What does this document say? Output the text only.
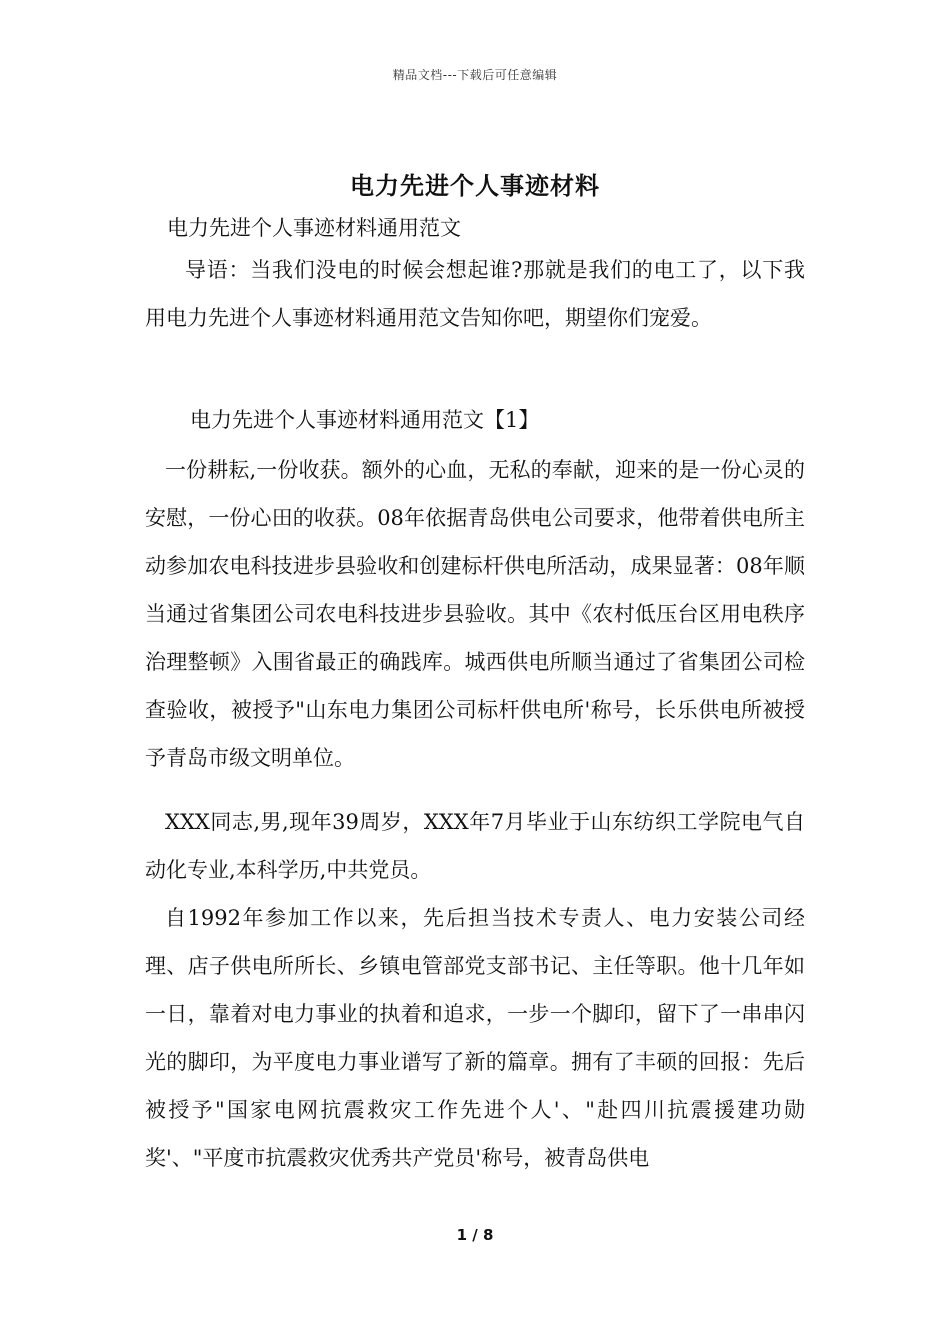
精品文档---下载后可任意编辑
电力先进个人事迹材料

电力先进个人事迹材料通用范文

导语：当我们没电的时候会想起谁?那就是我们的电工了，以下我用电力先进个人事迹材料通用范文告知你吧，期望你们宠爱。

电力先进个人事迹材料通用范文【1】

一份耕耘,一份收获。额外的心血，无私的奉献，迎来的是一份心灵的安慰，一份心田的收获。08年依据青岛供电公司要求，他带着供电所主动参加农电科技进步县验收和创建标杆供电所活动，成果显著：08年顺当通过省集团公司农电科技进步县验收。其中《农村低压台区用电秩序治理整顿》入围省最正的确践库。城西供电所顺当通过了省集团公司检查验收，被授予"山东电力集团公司标杆供电所'称号，长乐供电所被授予青岛市级文明单位。

XXX同志,男,现年39周岁，XXX年7月毕业于山东纺织工学院电气自动化专业,本科学历,中共党员。

自1992年参加工作以来，先后担当技术专责人、电力安装公司经理、店子供电所所长、乡镇电管部党支部书记、主任等职。他十几年如一日，靠着对电力事业的执着和追求，一步一个脚印，留下了一串串闪光的脚印，为平度电力事业谱写了新的篇章。拥有了丰硕的回报：先后被授予"国家电网抗震救灾工作先进个人'、"赴四川抗震援建功勋奖'、"平度市抗震救灾优秀共产党员'称号，被青岛供电

1 / 8
